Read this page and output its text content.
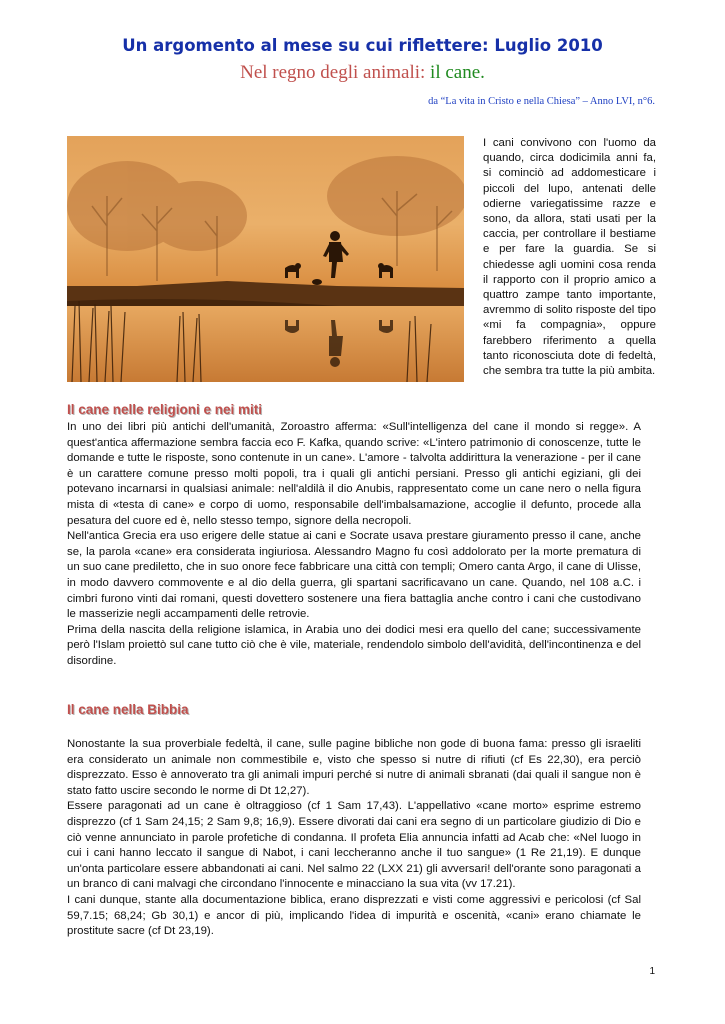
Un argomento al mese su cui riflettere: Luglio 2010
Nel regno degli animali: il cane.
da “La vita in Cristo e nella Chiesa” – Anno LVI, n°6.
I cani convivono con l'uomo da quando, circa dodicimila anni fa, si cominciò ad addomesticare i piccoli del lupo, antenati delle odierne variegatissime razze e sono, da allora, stati usati per la caccia, per controllare il bestiame e per fare la guardia. Se si chiedesse agli uomini cosa renda il rapporto con il proprio amico a quattro zampe tanto importante, avremmo di solito risposte del tipo «mi fa compagnia», oppure farebbero riferimento a quella tanto riconosciuta dote di fedeltà, che sembra tra tutte la più ambita.
Il cane nelle religioni e nei miti

In uno dei libri più antichi dell'umanità, Zoroastro afferma: «Sull'intelligenza del cane il mondo si regge». A quest'antica affermazione sembra faccia eco F. Kafka, quando scrive: «L'intero patrimonio di conoscenze, tutte le domande e tutte le risposte, sono contenute in un cane». L'amore - talvolta addirittura la venerazione - per il cane è un carattere comune presso molti popoli, tra i quali gli antichi persiani. Presso gli antichi egiziani, gli dei potevano incarnarsi in qualsiasi animale: nell'aldilà il dio Anubis, rappresentato come un cane nero o nella figura mista di «testa di cane» e corpo di uomo, responsabile dell'imbalsamazione, accoglie il defunto, procede alla pesatura del cuore ed è, nello stesso tempo, signore della necropoli.

Nell'antica Grecia era uso erigere delle statue ai cani e Socrate usava prestare giuramento presso il cane, anche se, la parola «cane» era considerata ingiuriosa. Alessandro Magno fu così addolorato per la morte prematura di un suo cane prediletto, che in suo onore fece fabbricare una città con templi; Omero canta Argo, il cane di Ulisse, in modo davvero commovente e al dio della guerra, gli spartani sacrificavano un cane. Quando, nel 108 a.C. i cimbri furono vinti dai romani, questi dovettero sostenere una fiera battaglia anche contro i cani che custodivano le masserizie negli accampamenti delle retrovie.

Prima della nascita della religione islamica, in Arabia uno dei dodici mesi era quello del cane; successivamente però l'Islam proiettò sul cane tutto ciò che è vile, materiale, rendendolo simbolo dell'avidità, dell'incontinenza e del disordine.

Il cane nella Bibbia

Nonostante la sua proverbiale fedeltà, il cane, sulle pagine bibliche non gode di buona fama: presso gli israeliti era considerato un animale non commestibile e, visto che spesso si nutre di rifiuti (cf Es 22,30), era perciò disprezzato. Esso è annoverato tra gli animali impuri perché si nutre di animali sbranati (dai quali il sangue non è stato fatto uscire secondo le norme di Dt 12,27).

Essere paragonati ad un cane è oltraggioso (cf 1 Sam 17,43). L'appellativo «cane morto» esprime estremo disprezzo (cf 1 Sam 24,15; 2 Sam 9,8; 16,9). Essere divorati dai cani era segno di un particolare giudizio di Dio e ciò venne annunciato in parole profetiche di condanna. Il profeta Elia annuncia infatti ad Acab che: «Nel luogo in cui i cani hanno leccato il sangue di Nabot, i cani leccheranno anche il tuo sangue» (1 Re 21,19). E dunque un'onta particolare essere abbandonati ai cani. Nel salmo 22 (LXX 21) gli avversari! dell'orante sono paragonati a un branco di cani malvagi che circondano l'innocente e minacciano la sua vita (vv 17.21).

I cani dunque, stante alla documentazione biblica, erano disprezzati e visti come aggressivi e pericolosi (cf Sal 59,7.15; 68,24; Gb 30,1) e ancor di più, implicando l'idea di impurità e oscenità, «cani» erano chiamate le prostitute sacre (cf Dt 23,19).

1
